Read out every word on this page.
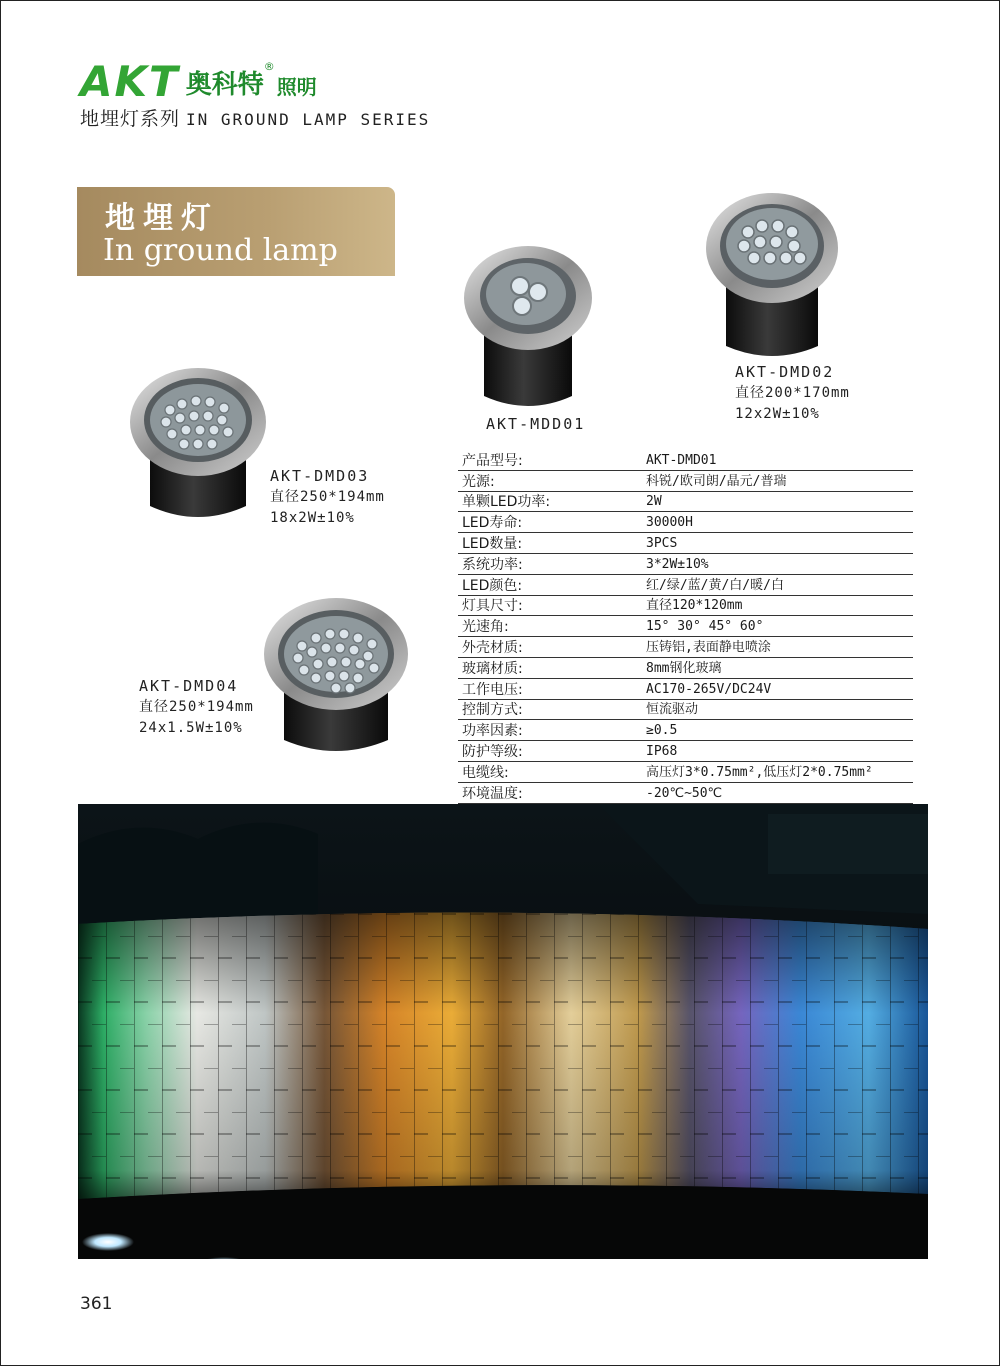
AKT 奥科特
®
照明
地埋灯系列 IN GROUND LAMP SERIES
地埋灯
In ground lamp
AKT-MDD01
AKT-DMD02
直径200*170mm
12x2W±10%
AKT-DMD03
直径250*194mm
18x2W±10%
AKT-DMD04
直径250*194mm
24x1.5W±10%
产品型号:	AKT-DMD01
光源:	科锐/欧司朗/晶元/普瑞
单颗LED功率:	2W
LED寿命:	30000H
LED数量:	3PCS
系统功率:	3*2W±10%
LED颜色:	红/绿/蓝/黄/白/暖/白
灯具尺寸:	直径120*120mm
光速角:	15° 30° 45° 60°
外壳材质:	压铸铝,表面静电喷涂
玻璃材质:	8mm钢化玻璃
工作电压:	AC170-265V/DC24V
控制方式:	恒流驱动
功率因素:	≥0.5
防护等级:	IP68
电缆线:	高压灯3*0.75mm²,低压灯2*0.75mm²
环境温度:	-20℃~50℃
361
